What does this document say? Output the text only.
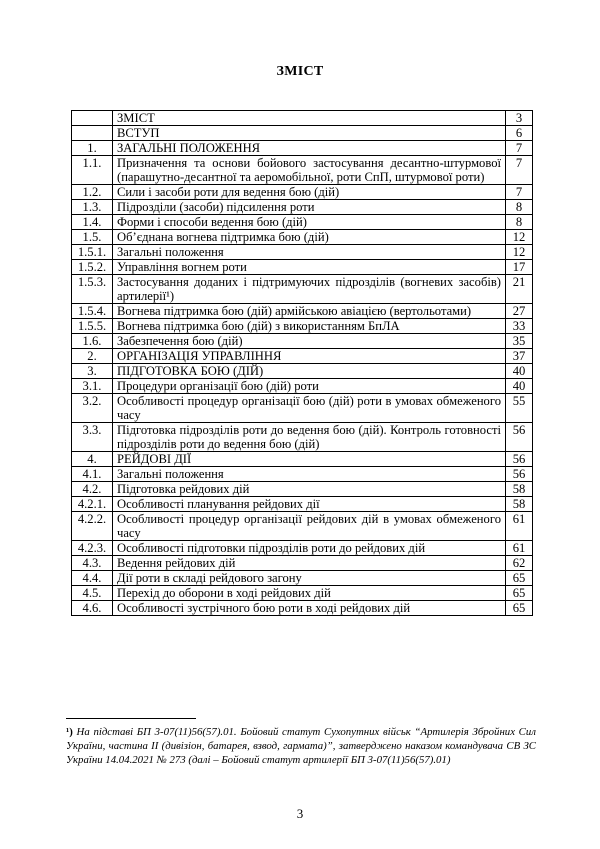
ЗМІСТ
	ЗМІСТ	3
	ВСТУП	6
1.	ЗАГАЛЬНІ ПОЛОЖЕННЯ	7
1.1.	Призначення та основи бойового застосування десантно-штурмової (парашутно-десантної та аеромобільної, роти СпП, штурмової роти)	7
1.2.	Сили і засоби роти для ведення бою (дій)	7
1.3.	Підрозділи (засоби) підсилення роти	8
1.4.	Форми і способи ведення бою (дій)	8
1.5.	Об’єднана вогнева підтримка бою (дій)	12
1.5.1.	Загальні положення	12
1.5.2.	Управління вогнем роти	17
1.5.3.	Застосування доданих і підтримуючих підрозділів (вогневих засобів) артилерії¹)	21
1.5.4.	Вогнева підтримка бою (дій) армійською авіацією (вертольотами)	27
1.5.5.	Вогнева підтримка бою (дій) з використанням БпЛА	33
1.6.	Забезпечення бою (дій)	35
2.	ОРГАНІЗАЦІЯ УПРАВЛІННЯ	37
3.	ПІДГОТОВКА БОЮ (ДІЙ)	40
3.1.	Процедури організації бою (дій) роти	40
3.2.	Особливості процедур організації бою (дій) роти в умовах обмеженого часу	55
3.3.	Підготовка підрозділів роти до ведення бою (дій). Контроль готовності підрозділів роти до ведення бою (дій)	56
4.	РЕЙДОВІ ДІЇ	56
4.1.	Загальні положення	56
4.2.	Підготовка рейдових дій	58
4.2.1.	Особливості планування рейдових дії	58
4.2.2.	Особливості процедур організації рейдових дій в умовах обмеженого часу	61
4.2.3.	Особливості підготовки підрозділів роти до рейдових дій	61
4.3.	Ведення рейдових дій	62
4.4.	Дії роти в складі рейдового загону	65
4.5.	Перехід до оборони в ході рейдових дій	65
4.6.	Особливості зустрічного бою роти в ході рейдових дій	65
¹) На підставі БП 3-07(11)56(57).01. Бойовий статут Сухопутних військ “Артилерія Збройних Сил України, частина ІІ (дивізіон, батарея, взвод, гармата)”, затверджено наказом командувача СВ ЗС України 14.04.2021 № 273 (далі – Бойовий статут артилерії БП 3-07(11)56(57).01)
3
